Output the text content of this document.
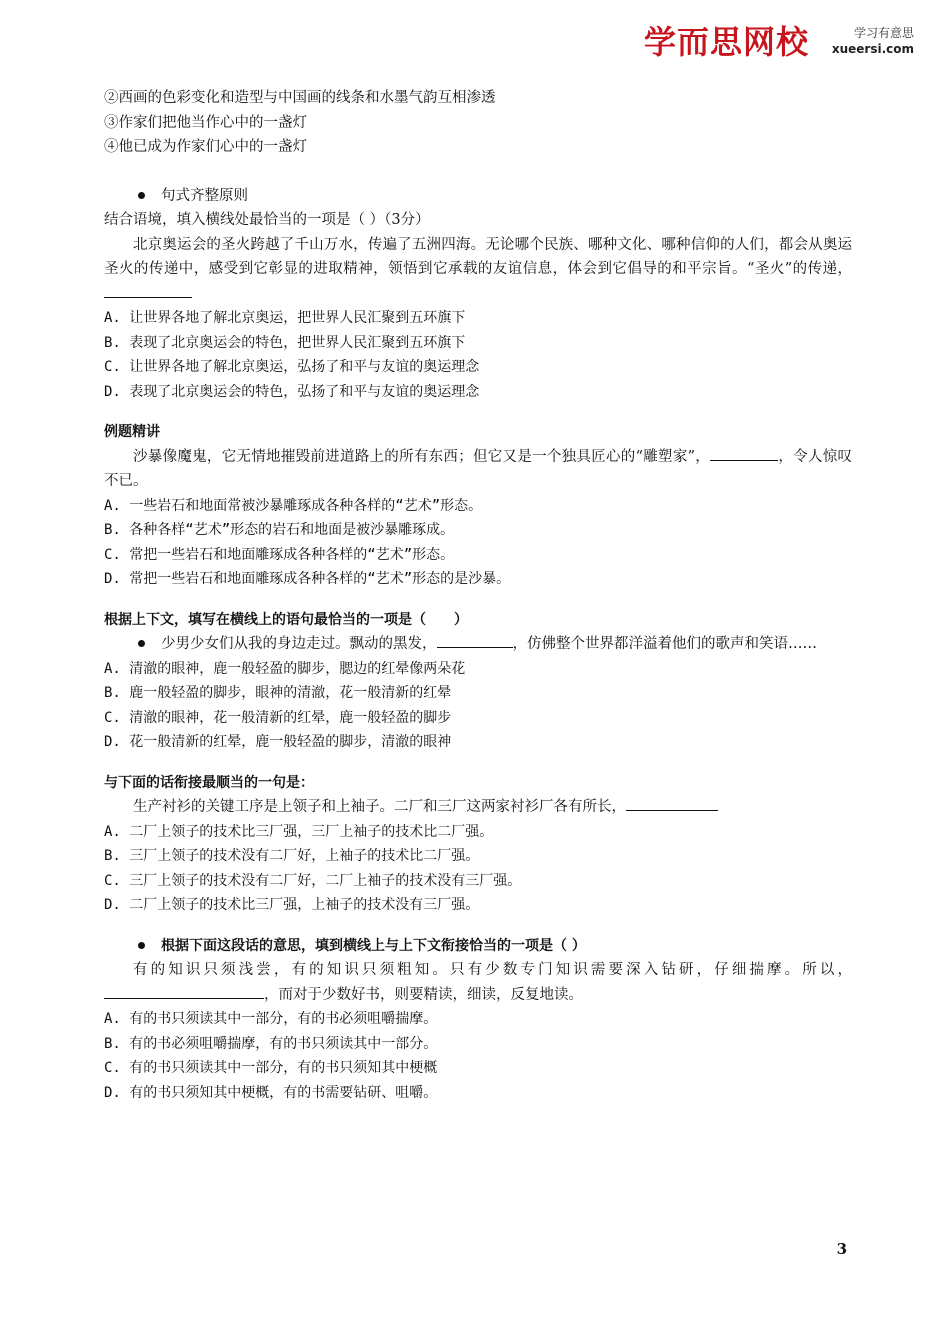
学而思网校	学习有意思
xueersi.com
②西画的色彩变化和造型与中国画的线条和水墨气韵互相渗透
③作家们把他当作心中的一盏灯
④他已成为作家们心中的一盏灯
句式齐整原则
结合语境，填入横线处最恰当的一项是（ ）（3分）
北京奥运会的圣火跨越了千山万水，传遍了五洲四海。无论哪个民族、哪种文化、哪种信仰的人们，都会从奥运圣火的传递中，感受到它彰显的进取精神，领悟到它承载的友谊信息，体会到它倡导的和平宗旨。“圣火”的传递，
A. 让世界各地了解北京奥运，把世界人民汇聚到五环旗下
B. 表现了北京奥运会的特色，把世界人民汇聚到五环旗下
C. 让世界各地了解北京奥运，弘扬了和平与友谊的奥运理念
D. 表现了北京奥运会的特色，弘扬了和平与友谊的奥运理念
例题精讲
沙暴像魔鬼，它无情地摧毁前进道路上的所有东西；但它又是一个独具匠心的“雕塑家”，	，令人惊叹不已。
A. 一些岩石和地面常被沙暴雕琢成各种各样的“艺术”形态。
B. 各种各样“艺术”形态的岩石和地面是被沙暴雕琢成。
C. 常把一些岩石和地面雕琢成各种各样的“艺术”形态。
D. 常把一些岩石和地面雕琢成各种各样的“艺术”形态的是沙暴。
根据上下文，填写在横线上的语句最恰当的一项是（　　）
少男少女们从我的身边走过。飘动的黑发，	，仿佛整个世界都洋溢着他们的歌声和笑语……
A. 清澈的眼神，鹿一般轻盈的脚步，腮边的红晕像两朵花
B. 鹿一般轻盈的脚步，眼神的清澈，花一般清新的红晕
C. 清澈的眼神，花一般清新的红晕，鹿一般轻盈的脚步
D. 花一般清新的红晕，鹿一般轻盈的脚步，清澈的眼神
与下面的话衔接最顺当的一句是：
生产衬衫的关键工序是上领子和上袖子。二厂和三厂这两家衬衫厂各有所长，
A. 二厂上领子的技术比三厂强，三厂上袖子的技术比二厂强。
B. 三厂上领子的技术没有二厂好，上袖子的技术比二厂强。
C. 三厂上领子的技术没有二厂好，二厂上袖子的技术没有三厂强。
D. 二厂上领子的技术比三厂强，上袖子的技术没有三厂强。
根据下面这段话的意思，填到横线上与上下文衔接恰当的一项是（ ）
有的知识只须浅尝，有的知识只须粗知。只有少数专门知识需要深入钻研，仔细揣摩。所以，，而对于少数好书，则要精读，细读，反复地读。
A. 有的书只须读其中一部分，有的书必须咀嚼揣摩。
B. 有的书必须咀嚼揣摩，有的书只须读其中一部分。
C. 有的书只须读其中一部分，有的书只须知其中梗概
D. 有的书只须知其中梗概，有的书需要钻研、咀嚼。
3
